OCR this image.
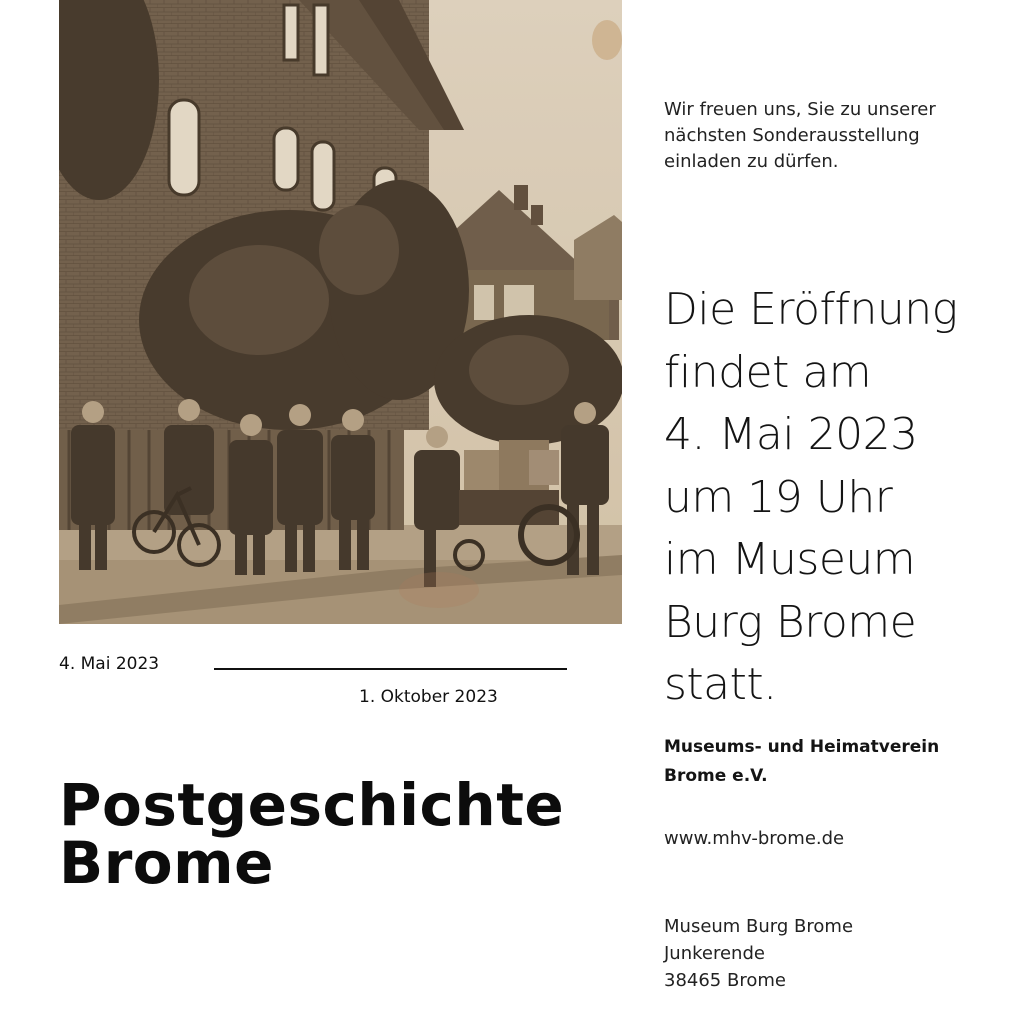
4. Mai 2023
1. Oktober 2023
Postgeschichte
Brome
Wir freuen uns, Sie zu unserer
nächsten Sonderausstellung
einladen zu dürfen.
Die Eröffnung
findet am
4. Mai 2023
um 19 Uhr
im Museum
Burg Brome
statt.
Museums- und Heimatverein
Brome e.V.
www.mhv-brome.de
Museum Burg Brome
Junkerende
38465 Brome
